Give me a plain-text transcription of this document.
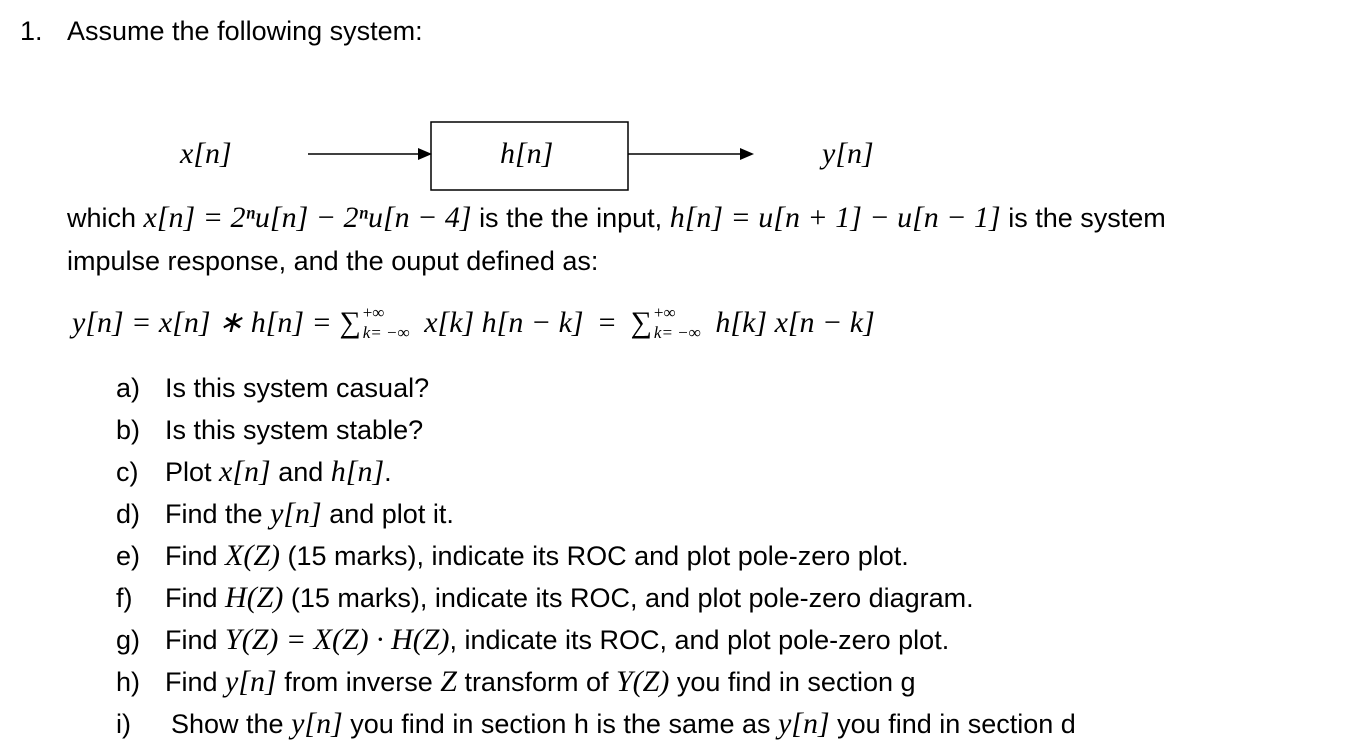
1. Assume the following system:
x[n]	h[n]	y[n]
which x[n] = 2ⁿu[n] − 2ⁿu[n − 4] is the the input, h[n] = u[n + 1] − u[n − 1] is the system
impulse response, and the ouput defined as:
y[n] = x[n] ∗ h[n] = ∑ +∞
k= −∞ x[k] h[n − k] = ∑ +∞
k= −∞ h[k] x[n − k]
a) Is this system casual?
b) Is this system stable?
c) Plot x[n] and h[n].
d) Find the y[n] and plot it.
e) Find X(Z) (15 marks), indicate its ROC and plot pole-zero plot.
f) Find H(Z) (15 marks), indicate its ROC, and plot pole-zero diagram.
g) Find Y(Z) = X(Z) · H(Z), indicate its ROC, and plot pole-zero plot.
h) Find y[n] from inverse Z transform of Y(Z) you find in section g
i) Show the y[n] you find in section h is the same as y[n] you find in section d
